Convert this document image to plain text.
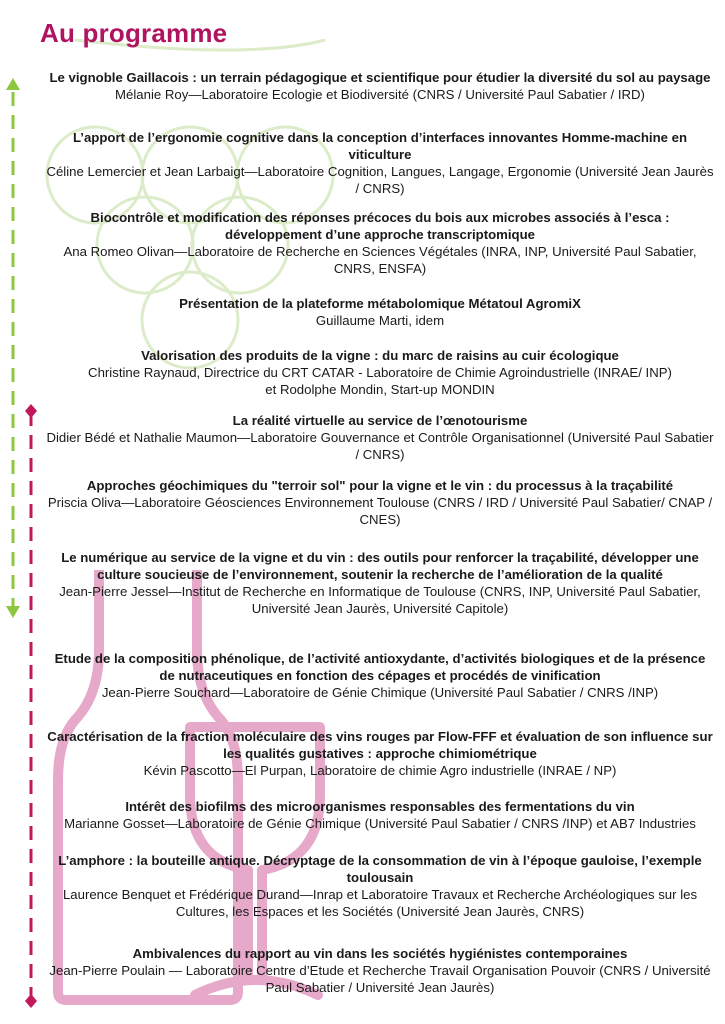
Au programme
Le vignoble Gaillacois : un terrain pédagogique et scientifique pour étudier la diversité du sol au paysage
Mélanie Roy—Laboratoire Ecologie et Biodiversité (CNRS / Université Paul Sabatier / IRD)
L’apport de l’ergonomie cognitive dans la conception d’interfaces innovantes Homme-machine en viticulture
Céline Lemercier et Jean Larbaigt—Laboratoire Cognition, Langues, Langage, Ergonomie (Université Jean Jaurès / CNRS)
Biocontrôle et modification des réponses précoces du bois aux microbes associés à l’esca : développement d’une approche transcriptomique
Ana Romeo Olivan—Laboratoire de Recherche en Sciences Végétales (INRA, INP, Université Paul Sabatier, CNRS, ENSFA)
Présentation de la plateforme métabolomique Métatoul AgromiX
Guillaume Marti, idem
Valorisation des produits de la vigne : du marc de raisins au cuir écologique
Christine Raynaud, Directrice du CRT CATAR - Laboratoire de Chimie Agroindustrielle (INRAE/ INP)
et Rodolphe Mondin, Start-up MONDIN
La réalité virtuelle au service de l’œnotourisme
Didier Bédé et Nathalie Maumon—Laboratoire Gouvernance et Contrôle Organisationnel (Université Paul Sabatier / CNRS)
Approches géochimiques du "terroir sol" pour la vigne et le vin : du processus à la traçabilité
Priscia Oliva—Laboratoire Géosciences Environnement Toulouse (CNRS / IRD / Université Paul Sabatier/ CNAP / CNES)
Le numérique au service de la vigne et du vin : des outils pour renforcer la traçabilité, développer une culture soucieuse de l’environnement, soutenir la recherche de l’amélioration de la qualité
Jean-Pierre Jessel—Institut de Recherche en Informatique de Toulouse (CNRS, INP, Université Paul Sabatier, Université Jean Jaurès, Université Capitole)
Etude de la composition phénolique, de l’activité antioxydante, d’activités biologiques et de la présence de nutraceutiques en fonction des cépages et procédés de vinification
Jean-Pierre Souchard—Laboratoire de Génie Chimique (Université Paul Sabatier / CNRS /INP)
Caractérisation de la fraction moléculaire des vins rouges par Flow-FFF et évaluation de son influence sur les qualités gustatives : approche chimiométrique
Kévin Pascotto—El Purpan, Laboratoire de chimie Agro industrielle (INRAE / NP)
Intérêt des biofilms des microorganismes responsables des fermentations du vin
Marianne Gosset—Laboratoire de Génie Chimique (Université Paul Sabatier / CNRS /INP) et AB7 Industries
L’amphore : la bouteille antique. Décryptage de la consommation de vin à l’époque gauloise, l’exemple toulousain
Laurence Benquet et Frédérique Durand—Inrap et Laboratoire Travaux et Recherche Archéologiques sur les Cultures, les Espaces et les Sociétés (Université Jean Jaurès, CNRS)
Ambivalences du rapport au vin dans les sociétés hygiénistes contemporaines
Jean-Pierre Poulain — Laboratoire Centre d’Etude et Recherche Travail Organisation Pouvoir (CNRS / Université Paul Sabatier / Université Jean Jaurès)
